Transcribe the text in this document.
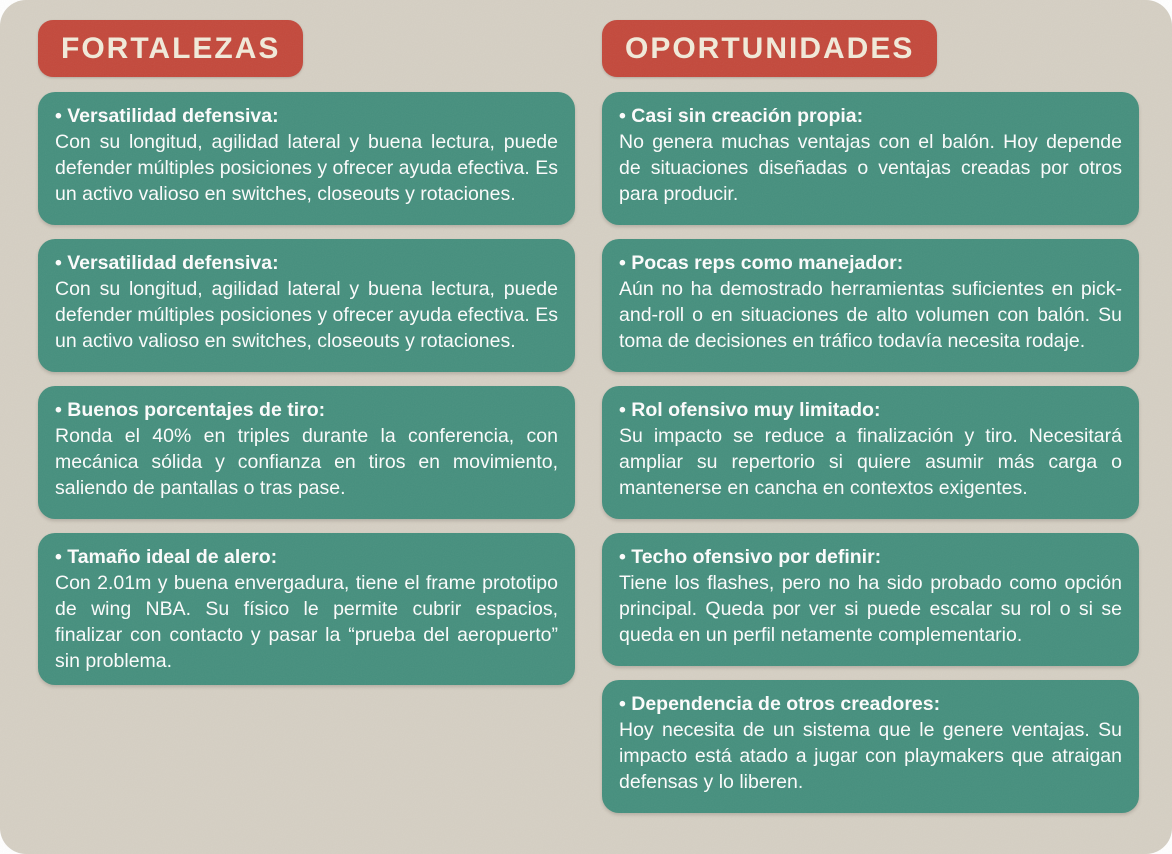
FORTALEZAS
• Versatilidad defensiva:
Con su longitud, agilidad lateral y buena lectura, puede defender múltiples posiciones y ofrecer ayuda efectiva. Es un activo valioso en switches, closeouts y rotaciones.
• Versatilidad defensiva:
Con su longitud, agilidad lateral y buena lectura, puede defender múltiples posiciones y ofrecer ayuda efectiva. Es un activo valioso en switches, closeouts y rotaciones.
• Buenos porcentajes de tiro:
Ronda el 40% en triples durante la conferencia, con mecánica sólida y confianza en tiros en movimiento, saliendo de pantallas o tras pase.
• Tamaño ideal de alero:
Con 2.01m y buena envergadura, tiene el frame prototipo de wing NBA. Su físico le permite cubrir espacios, finalizar con contacto y pasar la “prueba del aeropuerto” sin problema.
OPORTUNIDADES
• Casi sin creación propia:
No genera muchas ventajas con el balón. Hoy depende de situaciones diseñadas o ventajas creadas por otros para producir.
• Pocas reps como manejador:
Aún no ha demostrado herramientas suficientes en pick-and-roll o en situaciones de alto volumen con balón. Su toma de decisiones en tráfico todavía necesita rodaje.
• Rol ofensivo muy limitado:
Su impacto se reduce a finalización y tiro. Necesitará ampliar su repertorio si quiere asumir más carga o mantenerse en cancha en contextos exigentes.
• Techo ofensivo por definir:
Tiene los flashes, pero no ha sido probado como opción principal. Queda por ver si puede escalar su rol o si se queda en un perfil netamente complementario.
• Dependencia de otros creadores:
Hoy necesita de un sistema que le genere ventajas. Su impacto está atado a jugar con playmakers que atraigan defensas y lo liberen.
